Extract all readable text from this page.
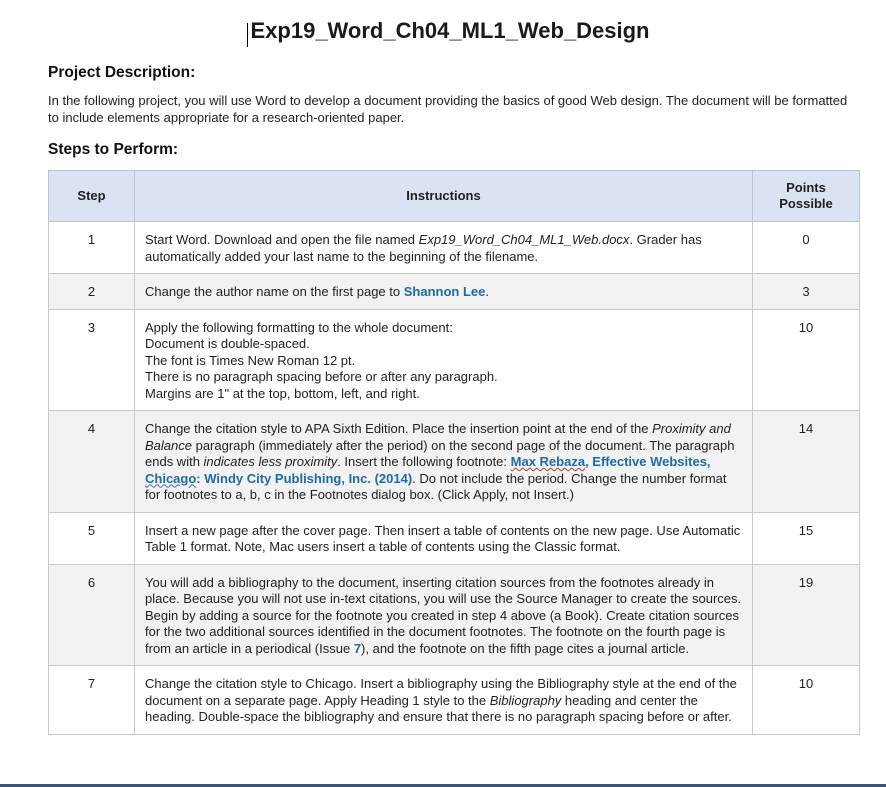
Exp19_Word_Ch04_ML1_Web_Design
Project Description:
In the following project, you will use Word to develop a document providing the basics of good Web design. The document will be formatted to include elements appropriate for a research-oriented paper.
Steps to Perform:
Step	Instructions	Points Possible
1	Start Word. Download and open the file named Exp19_Word_Ch04_ML1_Web.docx. Grader has automatically added your last name to the beginning of the filename.	0
2	Change the author name on the first page to Shannon Lee.	3
3	Apply the following formatting to the whole document:
Document is double-spaced.
The font is Times New Roman 12 pt.
There is no paragraph spacing before or after any paragraph.
Margins are 1" at the top, bottom, left, and right.	10
4	Change the citation style to APA Sixth Edition. Place the insertion point at the end of the Proximity and Balance paragraph (immediately after the period) on the second page of the document. The paragraph ends with indicates less proximity. Insert the following footnote: Max Rebaza, Effective Websites, Chicago: Windy City Publishing, Inc. (2014). Do not include the period. Change the number format for footnotes to a, b, c in the Footnotes dialog box. (Click Apply, not Insert.)	14
5	Insert a new page after the cover page. Then insert a table of contents on the new page. Use Automatic Table 1 format. Note, Mac users insert a table of contents using the Classic format.	15
6	You will add a bibliography to the document, inserting citation sources from the footnotes already in place. Because you will not use in-text citations, you will use the Source Manager to create the sources. Begin by adding a source for the footnote you created in step 4 above (a Book). Create citation sources for the two additional sources identified in the document footnotes. The footnote on the fourth page is from an article in a periodical (Issue 7), and the footnote on the fifth page cites a journal article.	19
7	Change the citation style to Chicago. Insert a bibliography using the Bibliography style at the end of the document on a separate page. Apply Heading 1 style to the Bibliography heading and center the heading. Double-space the bibliography and ensure that there is no paragraph spacing before or after.	10
